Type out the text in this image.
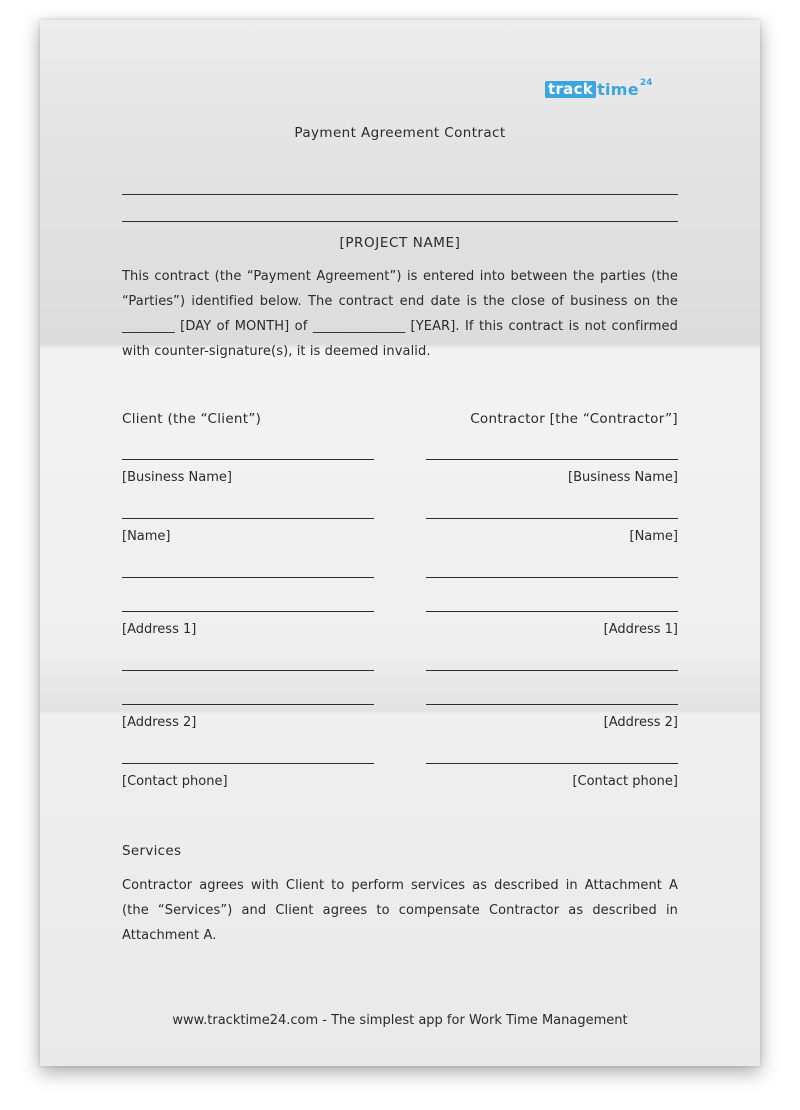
track time 24
Payment Agreement Contract
[PROJECT NAME]
This contract (the “Payment Agreement”) is entered into between the parties (the “Parties”) identified below. The contract end date is the close of business on the ________ [DAY of MONTH] of ______________ [YEAR]. If this contract is not confirmed with counter-signature(s), it is deemed invalid.
Client (the “Client”)	Contractor [the “Contractor”]
[Business Name]	[Business Name]
[Name]	[Name]
[Address 1]	[Address 1]
[Address 2]	[Address 2]
[Contact phone]	[Contact phone]
Services
Contractor agrees with Client to perform services as described in Attachment A (the “Services”) and Client agrees to compensate Contractor as described in Attachment A.
www.tracktime24.com - The simplest app for Work Time Management
